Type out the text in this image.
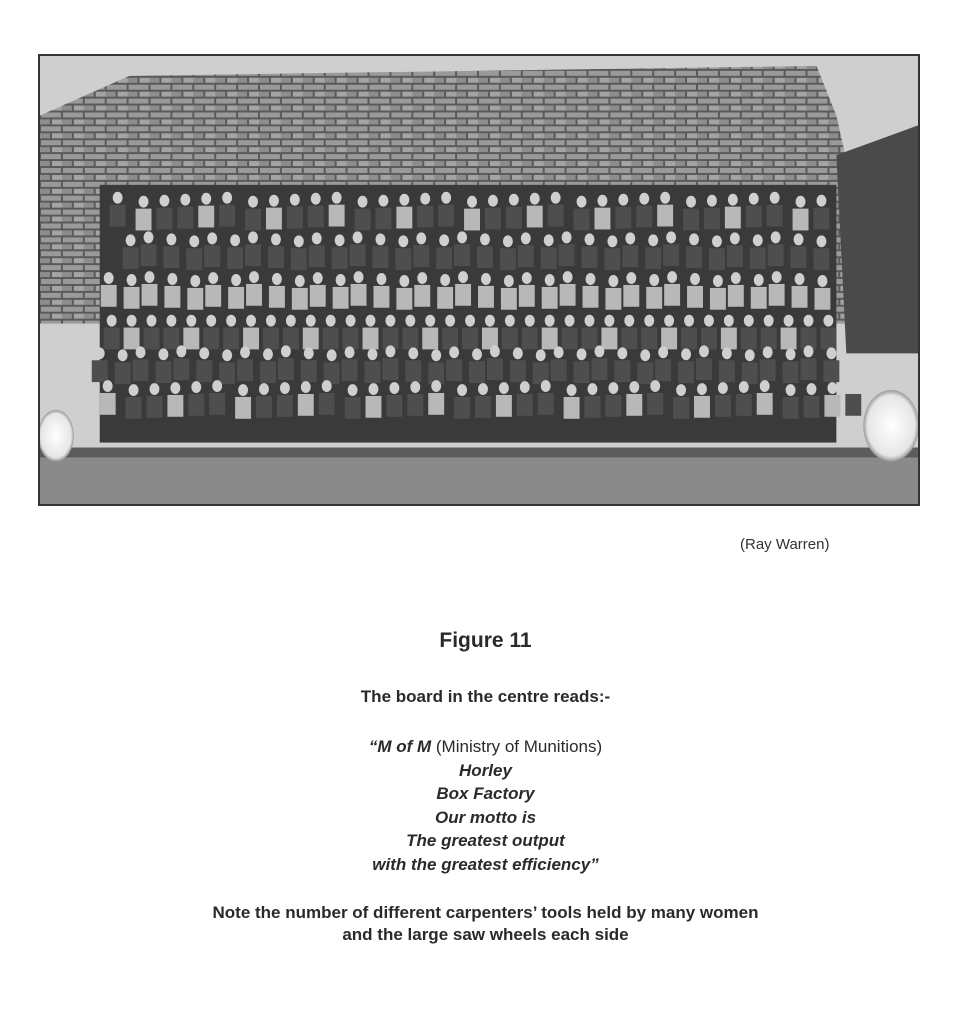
(Ray Warren)
Figure 11
The board in the centre reads:-
“M of M (Ministry of Munitions)
Horley
Box Factory
Our motto is
The greatest output
with the greatest efficiency”
Note the number of different carpenters’ tools held by many women
and the large saw wheels each side
